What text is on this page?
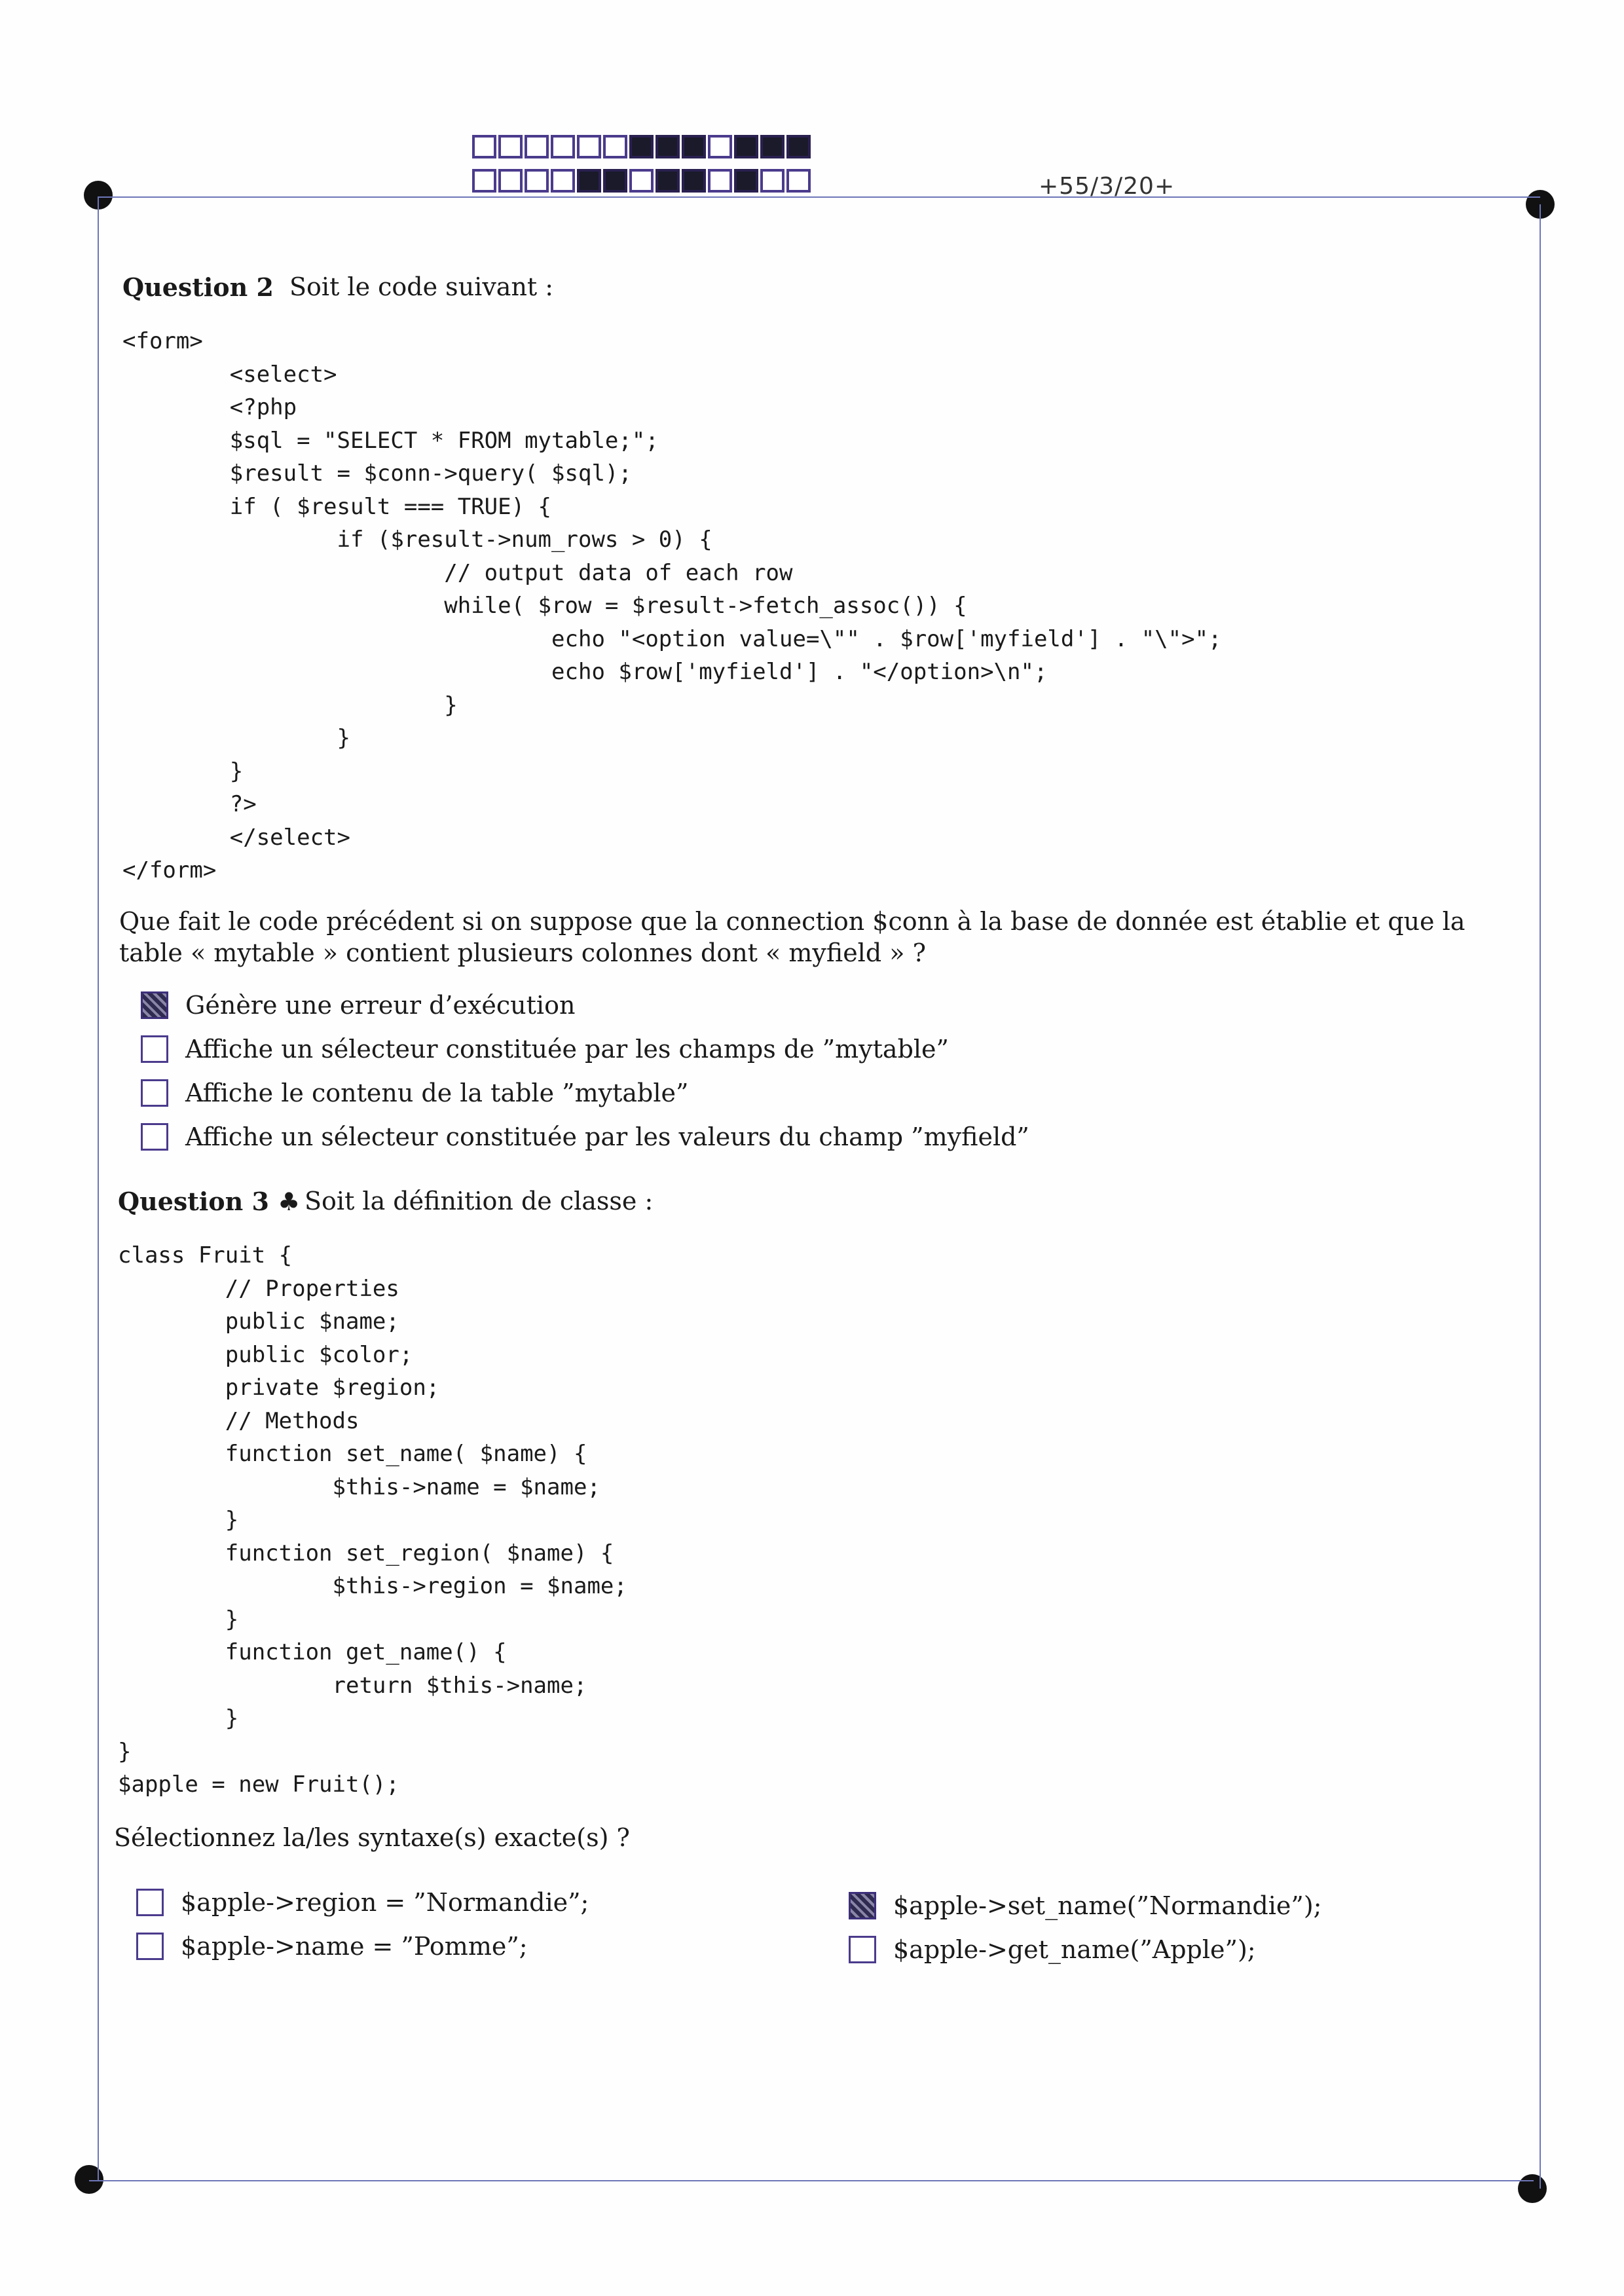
+55/3/20+
Question 2 Soit le code suivant :
<form>
<select>
<?php
$sql = "SELECT * FROM mytable;";
$result = $conn->query( $sql);
if ( $result === TRUE) {
if ($result->num_rows > 0) {
// output data of each row
while( $row = $result->fetch_assoc()) {
echo "<option value=\"" . $row['myfield'] . "\">";
echo $row['myfield'] . "</option>\n";
}
}
}
?>
</select>
</form>
Que fait le code précédent si on suppose que la connection $conn à la base de donnée est établie et que la table « mytable » contient plusieurs colonnes dont « myfield » ?
Génère une erreur d’exécution
Affiche un sélecteur constituée par les champs de ”mytable”
Affiche le contenu de la table ”mytable”
Affiche un sélecteur constituée par les valeurs du champ ”myfield”
Question 3 ♣ Soit la définition de classe :
class Fruit {
// Properties
public $name;
public $color;
private $region;
// Methods
function set_name( $name) {
$this->name = $name;
}
function set_region( $name) {
$this->region = $name;
}
function get_name() {
return $this->name;
}
}
$apple = new Fruit();
Sélectionnez la/les syntaxe(s) exacte(s) ?
$apple->region = ”Normandie”;
$apple->name = ”Pomme”;
$apple->set_name(”Normandie”);
$apple->get_name(”Apple”);
